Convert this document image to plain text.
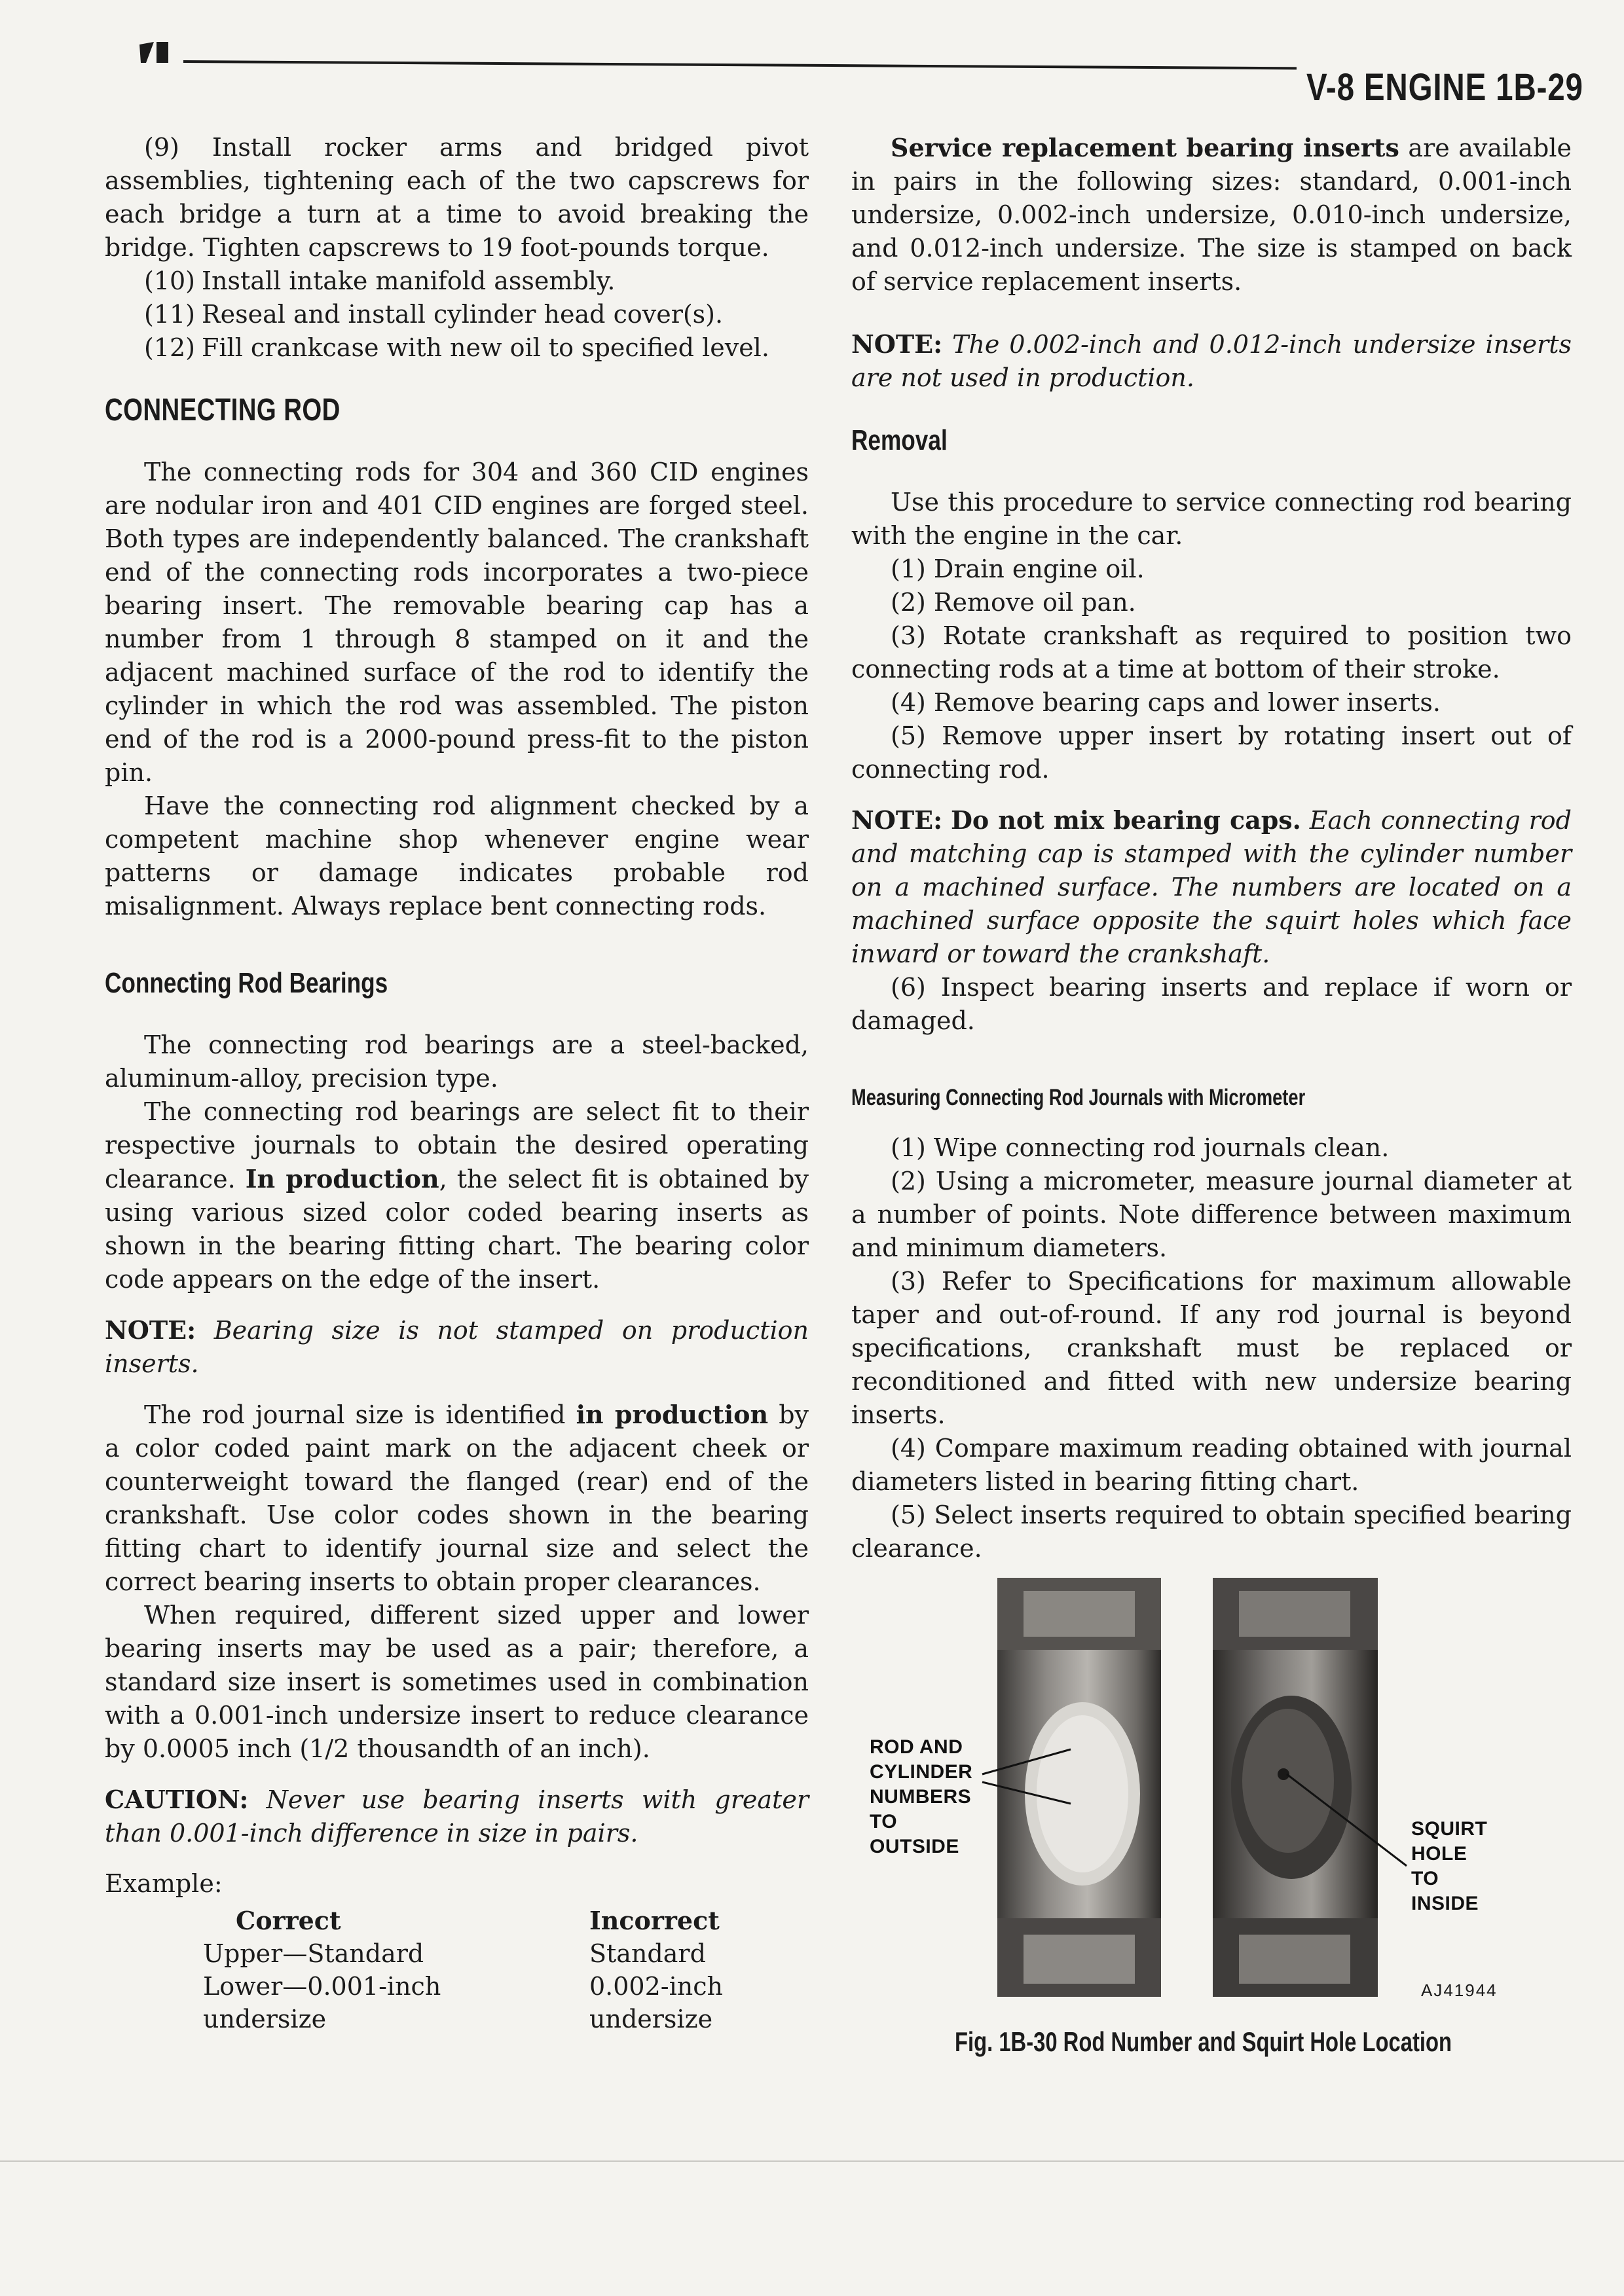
V-8 ENGINE 1B-29

(9) Install rocker arms and bridged pivot assemblies, tightening each of the two capscrews for each bridge a turn at a time to avoid breaking the bridge. Tighten capscrews to 19 foot-pounds torque.

(10) Install intake manifold assembly.

(11) Reseal and install cylinder head cover(s).

(12) Fill crankcase with new oil to specified level.

CONNECTING ROD

The connecting rods for 304 and 360 CID engines are nodular iron and 401 CID engines are forged steel. Both types are independently balanced. The crankshaft end of the connecting rods incorporates a two-piece bearing insert. The removable bearing cap has a number from 1 through 8 stamped on it and the adjacent machined surface of the rod to identify the cylinder in which the rod was assembled. The piston end of the rod is a 2000-pound press-fit to the piston pin.

Have the connecting rod alignment checked by a competent machine shop whenever engine wear patterns or damage indicates probable rod misalignment. Always replace bent connecting rods.

Connecting Rod Bearings

The connecting rod bearings are a steel-backed, aluminum-alloy, precision type.

The connecting rod bearings are select fit to their respective journals to obtain the desired operating clearance. In production, the select fit is obtained by using various sized color coded bearing inserts as shown in the bearing fitting chart. The bearing color code appears on the edge of the insert.

NOTE: Bearing size is not stamped on production inserts.

The rod journal size is identified in production by a color coded paint mark on the adjacent cheek or counterweight toward the flanged (rear) end of the crankshaft. Use color codes shown in the bearing fitting chart to identify journal size and select the correct bearing inserts to obtain proper clearances.

When required, different sized upper and lower bearing inserts may be used as a pair; therefore, a standard size insert is sometimes used in combination with a 0.001-inch undersize insert to reduce clearance by 0.0005 inch (1/2 thousandth of an inch).

CAUTION: Never use bearing inserts with greater than 0.001-inch difference in size in pairs.

Example:

Correct
Upper—Standard
Lower—0.001-inch
undersize
Incorrect
Standard
0.002-inch
undersize

Service replacement bearing inserts are available in pairs in the following sizes: standard, 0.001-inch undersize, 0.002-inch undersize, 0.010-inch undersize, and 0.012-inch undersize. The size is stamped on back of service replacement inserts.

NOTE: The 0.002-inch and 0.012-inch undersize inserts are not used in production.

Removal

Use this procedure to service connecting rod bearing with the engine in the car.

(1) Drain engine oil.

(2) Remove oil pan.

(3) Rotate crankshaft as required to position two connecting rods at a time at bottom of their stroke.

(4) Remove bearing caps and lower inserts.

(5) Remove upper insert by rotating insert out of connecting rod.

NOTE: Do not mix bearing caps. Each connecting rod and matching cap is stamped with the cylinder number on a machined surface. The numbers are located on a machined surface opposite the squirt holes which face inward or toward the crankshaft.

(6) Inspect bearing inserts and replace if worn or damaged.

Measuring Connecting Rod Journals with Micrometer

(1) Wipe connecting rod journals clean.

(2) Using a micrometer, measure journal diameter at a number of points. Note difference between maximum and minimum diameters.

(3) Refer to Specifications for maximum allowable taper and out-of-round. If any rod journal is beyond specifications, crankshaft must be replaced or reconditioned and fitted with new undersize bearing inserts.

(4) Compare maximum reading obtained with journal diameters listed in bearing fitting chart.

(5) Select inserts required to obtain specified bearing clearance.

ROD AND
CYLINDER
NUMBERS
TO
OUTSIDE
SQUIRT
HOLE
TO
INSIDE
AJ41944
Fig. 1B-30 Rod Number and Squirt Hole Location
